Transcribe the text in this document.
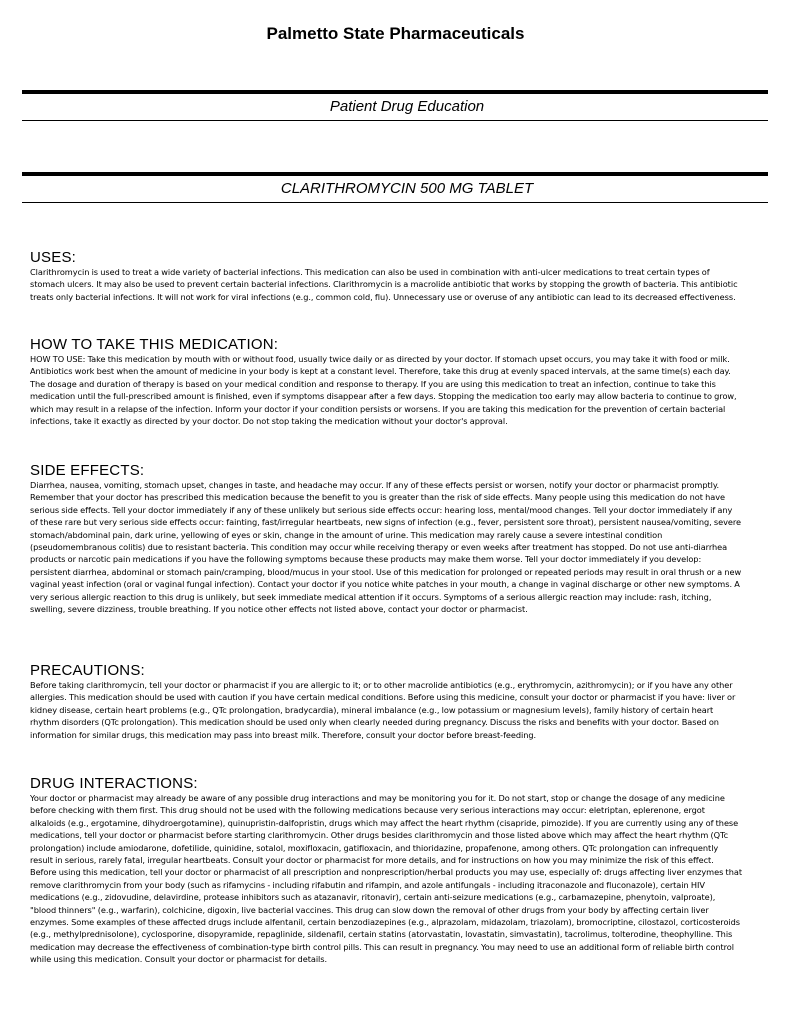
Palmetto State Pharmaceuticals
Patient Drug Education
CLARITHROMYCIN 500 MG TABLET
USES:

Clarithromycin is used to treat a wide variety of bacterial infections. This medication can also be used in combination with anti-ulcer medications to treat certain types of stomach ulcers. It may also be used to prevent certain bacterial infections. Clarithromycin is a macrolide antibiotic that works by stopping the growth of bacteria. This antibiotic treats only bacterial infections. It will not work for viral infections (e.g., common cold, flu). Unnecessary use or overuse of any antibiotic can lead to its decreased effectiveness.

HOW TO TAKE THIS MEDICATION:

HOW TO USE: Take this medication by mouth with or without food, usually twice daily or as directed by your doctor. If stomach upset occurs, you may take it with food or milk. Antibiotics work best when the amount of medicine in your body is kept at a constant level. Therefore, take this drug at evenly spaced intervals, at the same time(s) each day. The dosage and duration of therapy is based on your medical condition and response to therapy. If you are using this medication to treat an infection, continue to take this medication until the full-prescribed amount is finished, even if symptoms disappear after a few days. Stopping the medication too early may allow bacteria to continue to grow, which may result in a relapse of the infection. Inform your doctor if your condition persists or worsens. If you are taking this medication for the prevention of certain bacterial infections, take it exactly as directed by your doctor. Do not stop taking the medication without your doctor's approval.

SIDE EFFECTS:

Diarrhea, nausea, vomiting, stomach upset, changes in taste, and headache may occur. If any of these effects persist or worsen, notify your doctor or pharmacist promptly. Remember that your doctor has prescribed this medication because the benefit to you is greater than the risk of side effects. Many people using this medication do not have serious side effects. Tell your doctor immediately if any of these unlikely but serious side effects occur: hearing loss, mental/mood changes. Tell your doctor immediately if any of these rare but very serious side effects occur: fainting, fast/irregular heartbeats, new signs of infection (e.g., fever, persistent sore throat), persistent nausea/vomiting, severe stomach/abdominal pain, dark urine, yellowing of eyes or skin, change in the amount of urine. This medication may rarely cause a severe intestinal condition (pseudomembranous colitis) due to resistant bacteria. This condition may occur while receiving therapy or even weeks after treatment has stopped. Do not use anti-diarrhea products or narcotic pain medications if you have the following symptoms because these products may make them worse. Tell your doctor immediately if you develop: persistent diarrhea, abdominal or stomach pain/cramping, blood/mucus in your stool. Use of this medication for prolonged or repeated periods may result in oral thrush or a new vaginal yeast infection (oral or vaginal fungal infection). Contact your doctor if you notice white patches in your mouth, a change in vaginal discharge or other new symptoms. A very serious allergic reaction to this drug is unlikely, but seek immediate medical attention if it occurs. Symptoms of a serious allergic reaction may include: rash, itching, swelling, severe dizziness, trouble breathing. If you notice other effects not listed above, contact your doctor or pharmacist.

PRECAUTIONS:

Before taking clarithromycin, tell your doctor or pharmacist if you are allergic to it; or to other macrolide antibiotics (e.g., erythromycin, azithromycin); or if you have any other allergies. This medication should be used with caution if you have certain medical conditions. Before using this medicine, consult your doctor or pharmacist if you have: liver or kidney disease, certain heart problems (e.g., QTc prolongation, bradycardia), mineral imbalance (e.g., low potassium or magnesium levels), family history of certain heart rhythm disorders (QTc prolongation). This medication should be used only when clearly needed during pregnancy. Discuss the risks and benefits with your doctor. Based on information for similar drugs, this medication may pass into breast milk. Therefore, consult your doctor before breast-feeding.

DRUG INTERACTIONS:

Your doctor or pharmacist may already be aware of any possible drug interactions and may be monitoring you for it. Do not start, stop or change the dosage of any medicine before checking with them first. This drug should not be used with the following medications because very serious interactions may occur: eletriptan, eplerenone, ergot alkaloids (e.g., ergotamine, dihydroergotamine), quinupristin-dalfopristin, drugs which may affect the heart rhythm (cisapride, pimozide). If you are currently using any of these medications, tell your doctor or pharmacist before starting clarithromycin. Other drugs besides clarithromycin and those listed above which may affect the heart rhythm (QTc prolongation) include amiodarone, dofetilide, quinidine, sotalol, moxifloxacin, gatifloxacin, and thioridazine, propafenone, among others. QTc prolongation can infrequently result in serious, rarely fatal, irregular heartbeats. Consult your doctor or pharmacist for more details, and for instructions on how you may minimize the risk of this effect. Before using this medication, tell your doctor or pharmacist of all prescription and nonprescription/herbal products you may use, especially of: drugs affecting liver enzymes that remove clarithromycin from your body (such as rifamycins - including rifabutin and rifampin, and azole antifungals - including itraconazole and fluconazole), certain HIV medications (e.g., zidovudine, delavirdine, protease inhibitors such as atazanavir, ritonavir), certain anti-seizure medications (e.g., carbamazepine, phenytoin, valproate), "blood thinners" (e.g., warfarin), colchicine, digoxin, live bacterial vaccines. This drug can slow down the removal of other drugs from your body by affecting certain liver enzymes. Some examples of these affected drugs include alfentanil, certain benzodiazepines (e.g., alprazolam, midazolam, triazolam), bromocriptine, cilostazol, corticosteroids (e.g., methylprednisolone), cyclosporine, disopyramide, repaglinide, sildenafil, certain statins (atorvastatin, lovastatin, simvastatin), tacrolimus, tolterodine, theophylline. This medication may decrease the effectiveness of combination-type birth control pills. This can result in pregnancy. You may need to use an additional form of reliable birth control while using this medication. Consult your doctor or pharmacist for details.
